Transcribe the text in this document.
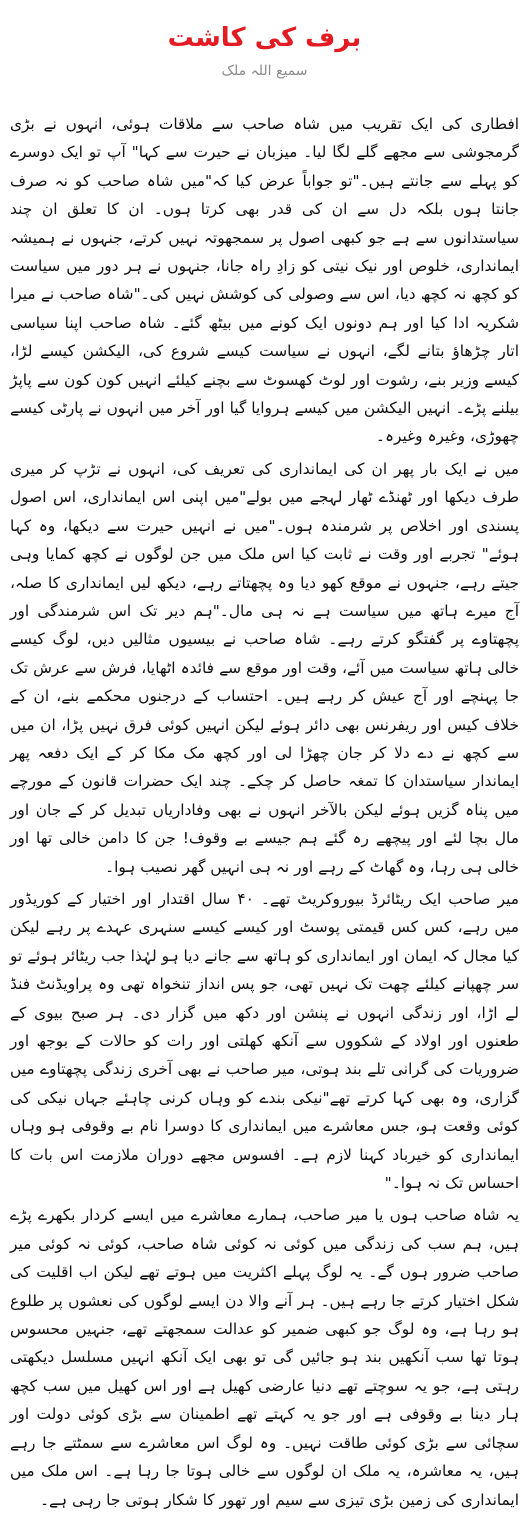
برف کی کاشت
سمیع اللہ ملک

افطاری کی ایک تقریب میں شاہ صاحب سے ملاقات ہوئی، انہوں نے بڑی گرمجوشی سے مجھے گلے لگا لیا۔ میزبان نے حیرت سے کہا" آپ تو ایک دوسرے کو پہلے سے جانتے ہیں۔"تو جواباً عرض کیا کہ"میں شاہ صاحب کو نہ صرف جانتا ہوں بلکہ دل سے ان کی قدر بھی کرتا ہوں۔ ان کا تعلق ان چند سیاستدانوں سے ہے جو کبھی اصول پر سمجھوتہ نہیں کرتے، جنہوں نے ہمیشہ ایمانداری، خلوص اور نیک نیتی کو زادِ راہ جانا، جنہوں نے ہر دور میں سیاست کو کچھ نہ کچھ دیا، اس سے وصولی کی کوشش نہیں کی۔"شاہ صاحب نے میرا شکریہ ادا کیا اور ہم دونوں ایک کونے میں بیٹھ گئے۔ شاہ صاحب اپنا سیاسی اتار چڑھاؤ بتانے لگے، انہوں نے سیاست کیسے شروع کی، الیکشن کیسے لڑا، کیسے وزیر بنے، رشوت اور لوٹ کھسوٹ سے بچنے کیلئے انہیں کون کون سے پاپڑ بیلنے پڑے۔ انہیں الیکشن میں کیسے ہروایا گیا اور آخر میں انہوں نے پارٹی کیسے چھوڑی، وغیرہ وغیرہ۔

میں نے ایک بار پھر ان کی ایمانداری کی تعریف کی، انہوں نے تڑپ کر میری طرف دیکھا اور ٹھنڈے ٹھار لہجے میں بولے"میں اپنی اس ایمانداری، اس اصول پسندی اور اخلاص پر شرمندہ ہوں۔"میں نے انہیں حیرت سے دیکھا، وہ کہا ہوئے" تجربے اور وقت نے ثابت کیا اس ملک میں جن لوگوں نے کچھ کمایا وہی جیتے رہے، جنہوں نے موقع کھو دیا وہ پچھتاتے رہے، دیکھ لیں ایمانداری کا صلہ، آج میرے ہاتھ میں سیاست ہے نہ ہی مال۔"ہم دیر تک اس شرمندگی اور پچھتاوے پر گفتگو کرتے رہے۔ شاہ صاحب نے بیسیوں مثالیں دیں، لوگ کیسے خالی ہاتھ سیاست میں آئے، وقت اور موقع سے فائدہ اٹھایا، فرش سے عرش تک جا پہنچے اور آج عیش کر رہے ہیں۔ احتساب کے درجنوں محکمے بنے، ان کے خلاف کیس اور ریفرنس بھی دائر ہوئے لیکن انہیں کوئی فرق نہیں پڑا، ان میں سے کچھ نے دے دلا کر جان چھڑا لی اور کچھ مک مکا کر کے ایک دفعہ پھر ایماندار سیاستدان کا تمغہ حاصل کر چکے۔ چند ایک حضرات قانون کے مورچے میں پناہ گزیں ہوئے لیکن بالآخر انہوں نے بھی وفاداریاں تبدیل کر کے جان اور مال بچا لئے اور پیچھے رہ گئے ہم جیسے بے وقوف! جن کا دامن خالی تھا اور خالی ہی رہا، وہ گھاٹ کے رہے اور نہ ہی انہیں گھر نصیب ہوا۔

میر صاحب ایک ریٹائرڈ بیوروکریٹ تھے۔ ۴۰ سال اقتدار اور اختیار کے کوریڈور میں رہے، کس کس قیمتی پوسٹ اور کیسے کیسے سنہری عہدے پر رہے لیکن کیا مجال کہ ایمان اور ایمانداری کو ہاتھ سے جانے دیا ہو لہٰذا جب ریٹائر ہوئے تو سر چھپانے کیلئے چھت تک نہیں تھی، جو پس انداز تنخواہ تھی وہ پراویڈنٹ فنڈ لے اڑا، اور زندگی انہوں نے پنشن اور دکھ میں گزار دی۔ ہر صبح بیوی کے طعنوں اور اولاد کے شکووں سے آنکھ کھلتی اور رات کو حالات کے بوجھ اور ضروریات کی گرانی تلے بند ہوتی، میر صاحب نے بھی آخری زندگی پچھتاوے میں گزاری، وہ بھی کہا کرتے تھے"نیکی بندے کو وہاں کرنی چاہئے جہاں نیکی کی کوئی وقعت ہو، جس معاشرے میں ایمانداری کا دوسرا نام بے وقوفی ہو وہاں ایمانداری کو خیرباد کہنا لازم ہے۔ افسوس مجھے دوران ملازمت اس بات کا احساس تک نہ ہوا۔"

یہ شاہ صاحب ہوں یا میر صاحب، ہمارے معاشرے میں ایسے کردار بکھرے پڑے ہیں، ہم سب کی زندگی میں کوئی نہ کوئی شاہ صاحب، کوئی نہ کوئی میر صاحب ضرور ہوں گے۔ یہ لوگ پہلے اکثریت میں ہوتے تھے لیکن اب اقلیت کی شکل اختیار کرتے جا رہے ہیں۔ ہر آنے والا دن ایسے لوگوں کی نعشوں پر طلوع ہو رہا ہے، وہ لوگ جو کبھی ضمیر کو عدالت سمجھتے تھے، جنہیں محسوس ہوتا تھا سب آنکھیں بند ہو جائیں گی تو بھی ایک آنکھ انہیں مسلسل دیکھتی رہتی ہے، جو یہ سوچتے تھے دنیا عارضی کھیل ہے اور اس کھیل میں سب کچھ ہار دینا بے وقوفی ہے اور جو یہ کہتے تھے اطمینان سے بڑی کوئی دولت اور سچائی سے بڑی کوئی طاقت نہیں۔ وہ لوگ اس معاشرے سے سمٹتے جا رہے ہیں، یہ معاشرہ، یہ ملک ان لوگوں سے خالی ہوتا جا رہا ہے۔ اس ملک میں ایمانداری کی زمین بڑی تیزی سے سیم اور تھور کا شکار ہوتی جا رہی ہے۔
